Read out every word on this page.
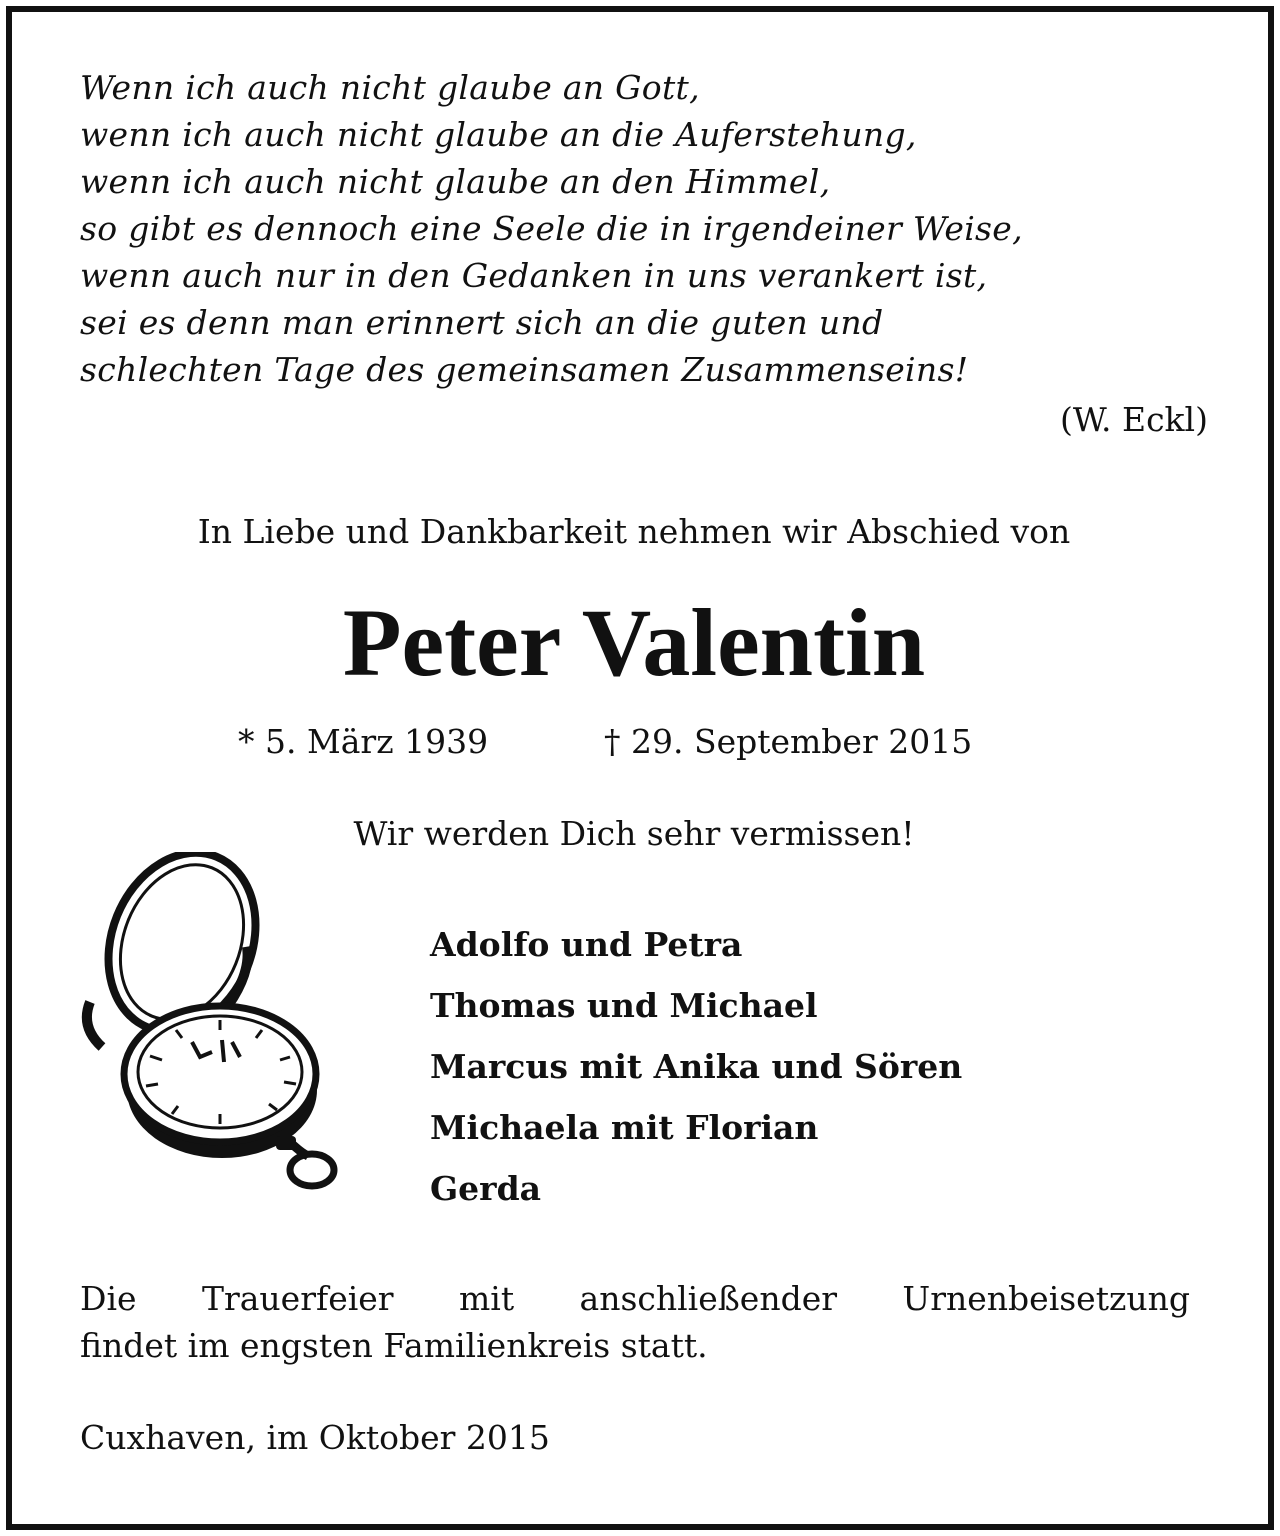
Wenn ich auch nicht glaube an Gott,
wenn ich auch nicht glaube an die Auferstehung,
wenn ich auch nicht glaube an den Himmel,
so gibt es dennoch eine Seele die in irgendeiner Weise,
wenn auch nur in den Gedanken in uns verankert ist,
sei es denn man erinnert sich an die guten und
schlechten Tage des gemeinsamen Zusammenseins!
(W. Eckl)
In Liebe und Dankbarkeit nehmen wir Abschied von
Peter Valentin
* 5. März 1939	† 29. September 2015
Wir werden Dich sehr vermissen!
Adolfo und Petra
Thomas und Michael
Marcus mit Anika und Sören
Michaela mit Florian
Gerda
Die Trauerfeier mit anschließender Urnenbeisetzung
findet im engsten Familienkreis statt.
Cuxhaven, im Oktober 2015
